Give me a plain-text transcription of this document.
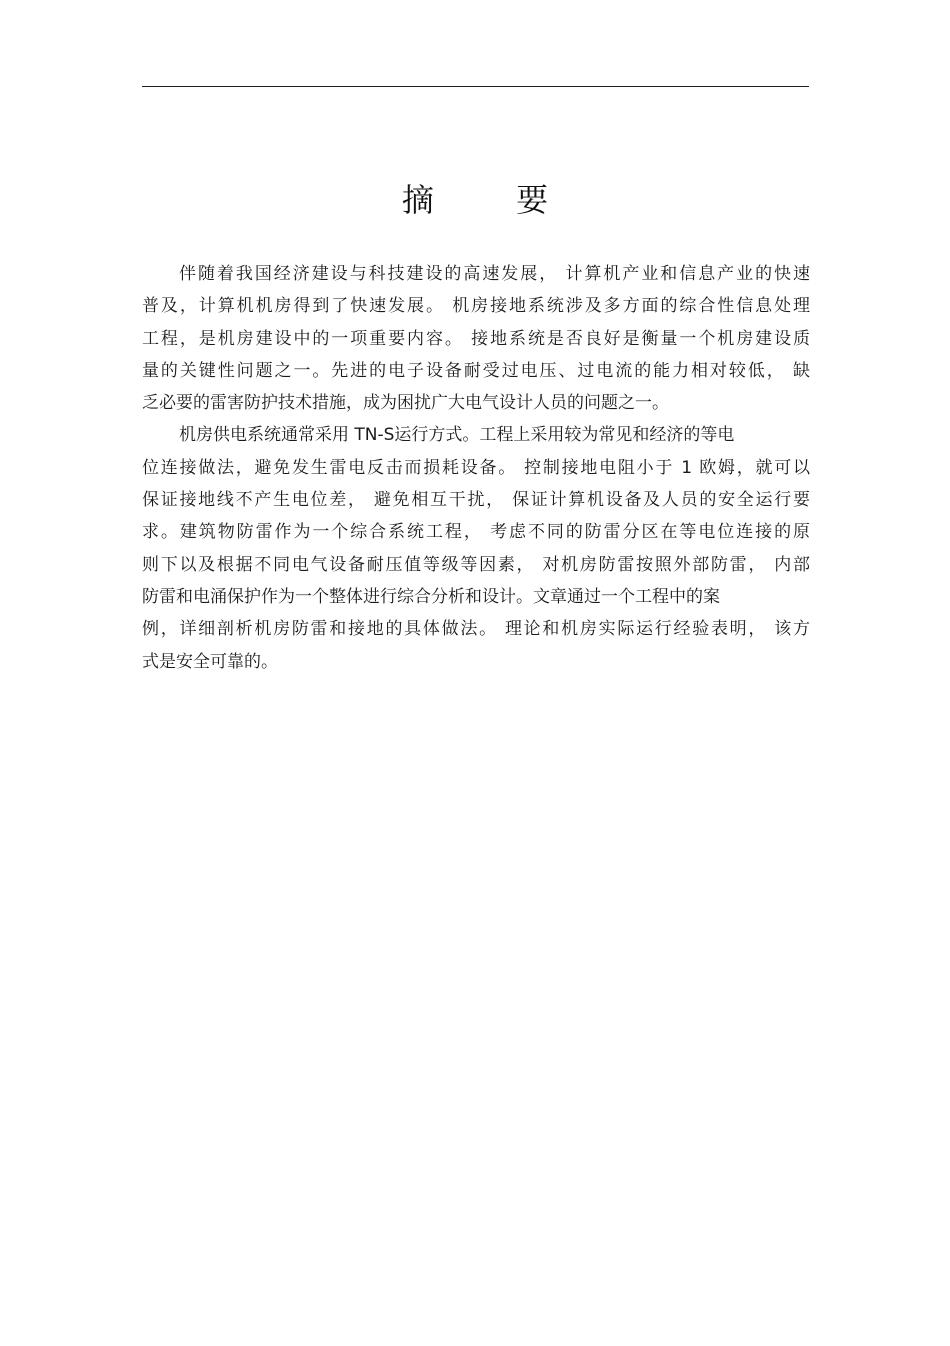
摘 要
伴随着我国经济建设与科技建设的高速发展， 计算机产业和信息产业的快速
普及，计算机机房得到了快速发展。 机房接地系统涉及多方面的综合性信息处理
工程，是机房建设中的一项重要内容。 接地系统是否良好是衡量一个机房建设质
量的关键性问题之一。先进的电子设备耐受过电压、过电流的能力相对较低， 缺
乏必要的雷害防护技术措施，成为困扰广大电气设计人员的问题之一。
机房供电系统通常采用 TN-S运行方式。工程上采用较为常见和经济的等电
位连接做法，避免发生雷电反击而损耗设备。 控制接地电阻小于 1 欧姆，就可以
保证接地线不产生电位差， 避免相互干扰， 保证计算机设备及人员的安全运行要
求。建筑物防雷作为一个综合系统工程， 考虑不同的防雷分区在等电位连接的原
则下以及根据不同电气设备耐压值等级等因素， 对机房防雷按照外部防雷， 内部
防雷和电涌保护作为一个整体进行综合分析和设计。文章通过一个工程中的案
例，详细剖析机房防雷和接地的具体做法。 理论和机房实际运行经验表明， 该方
式是安全可靠的。
